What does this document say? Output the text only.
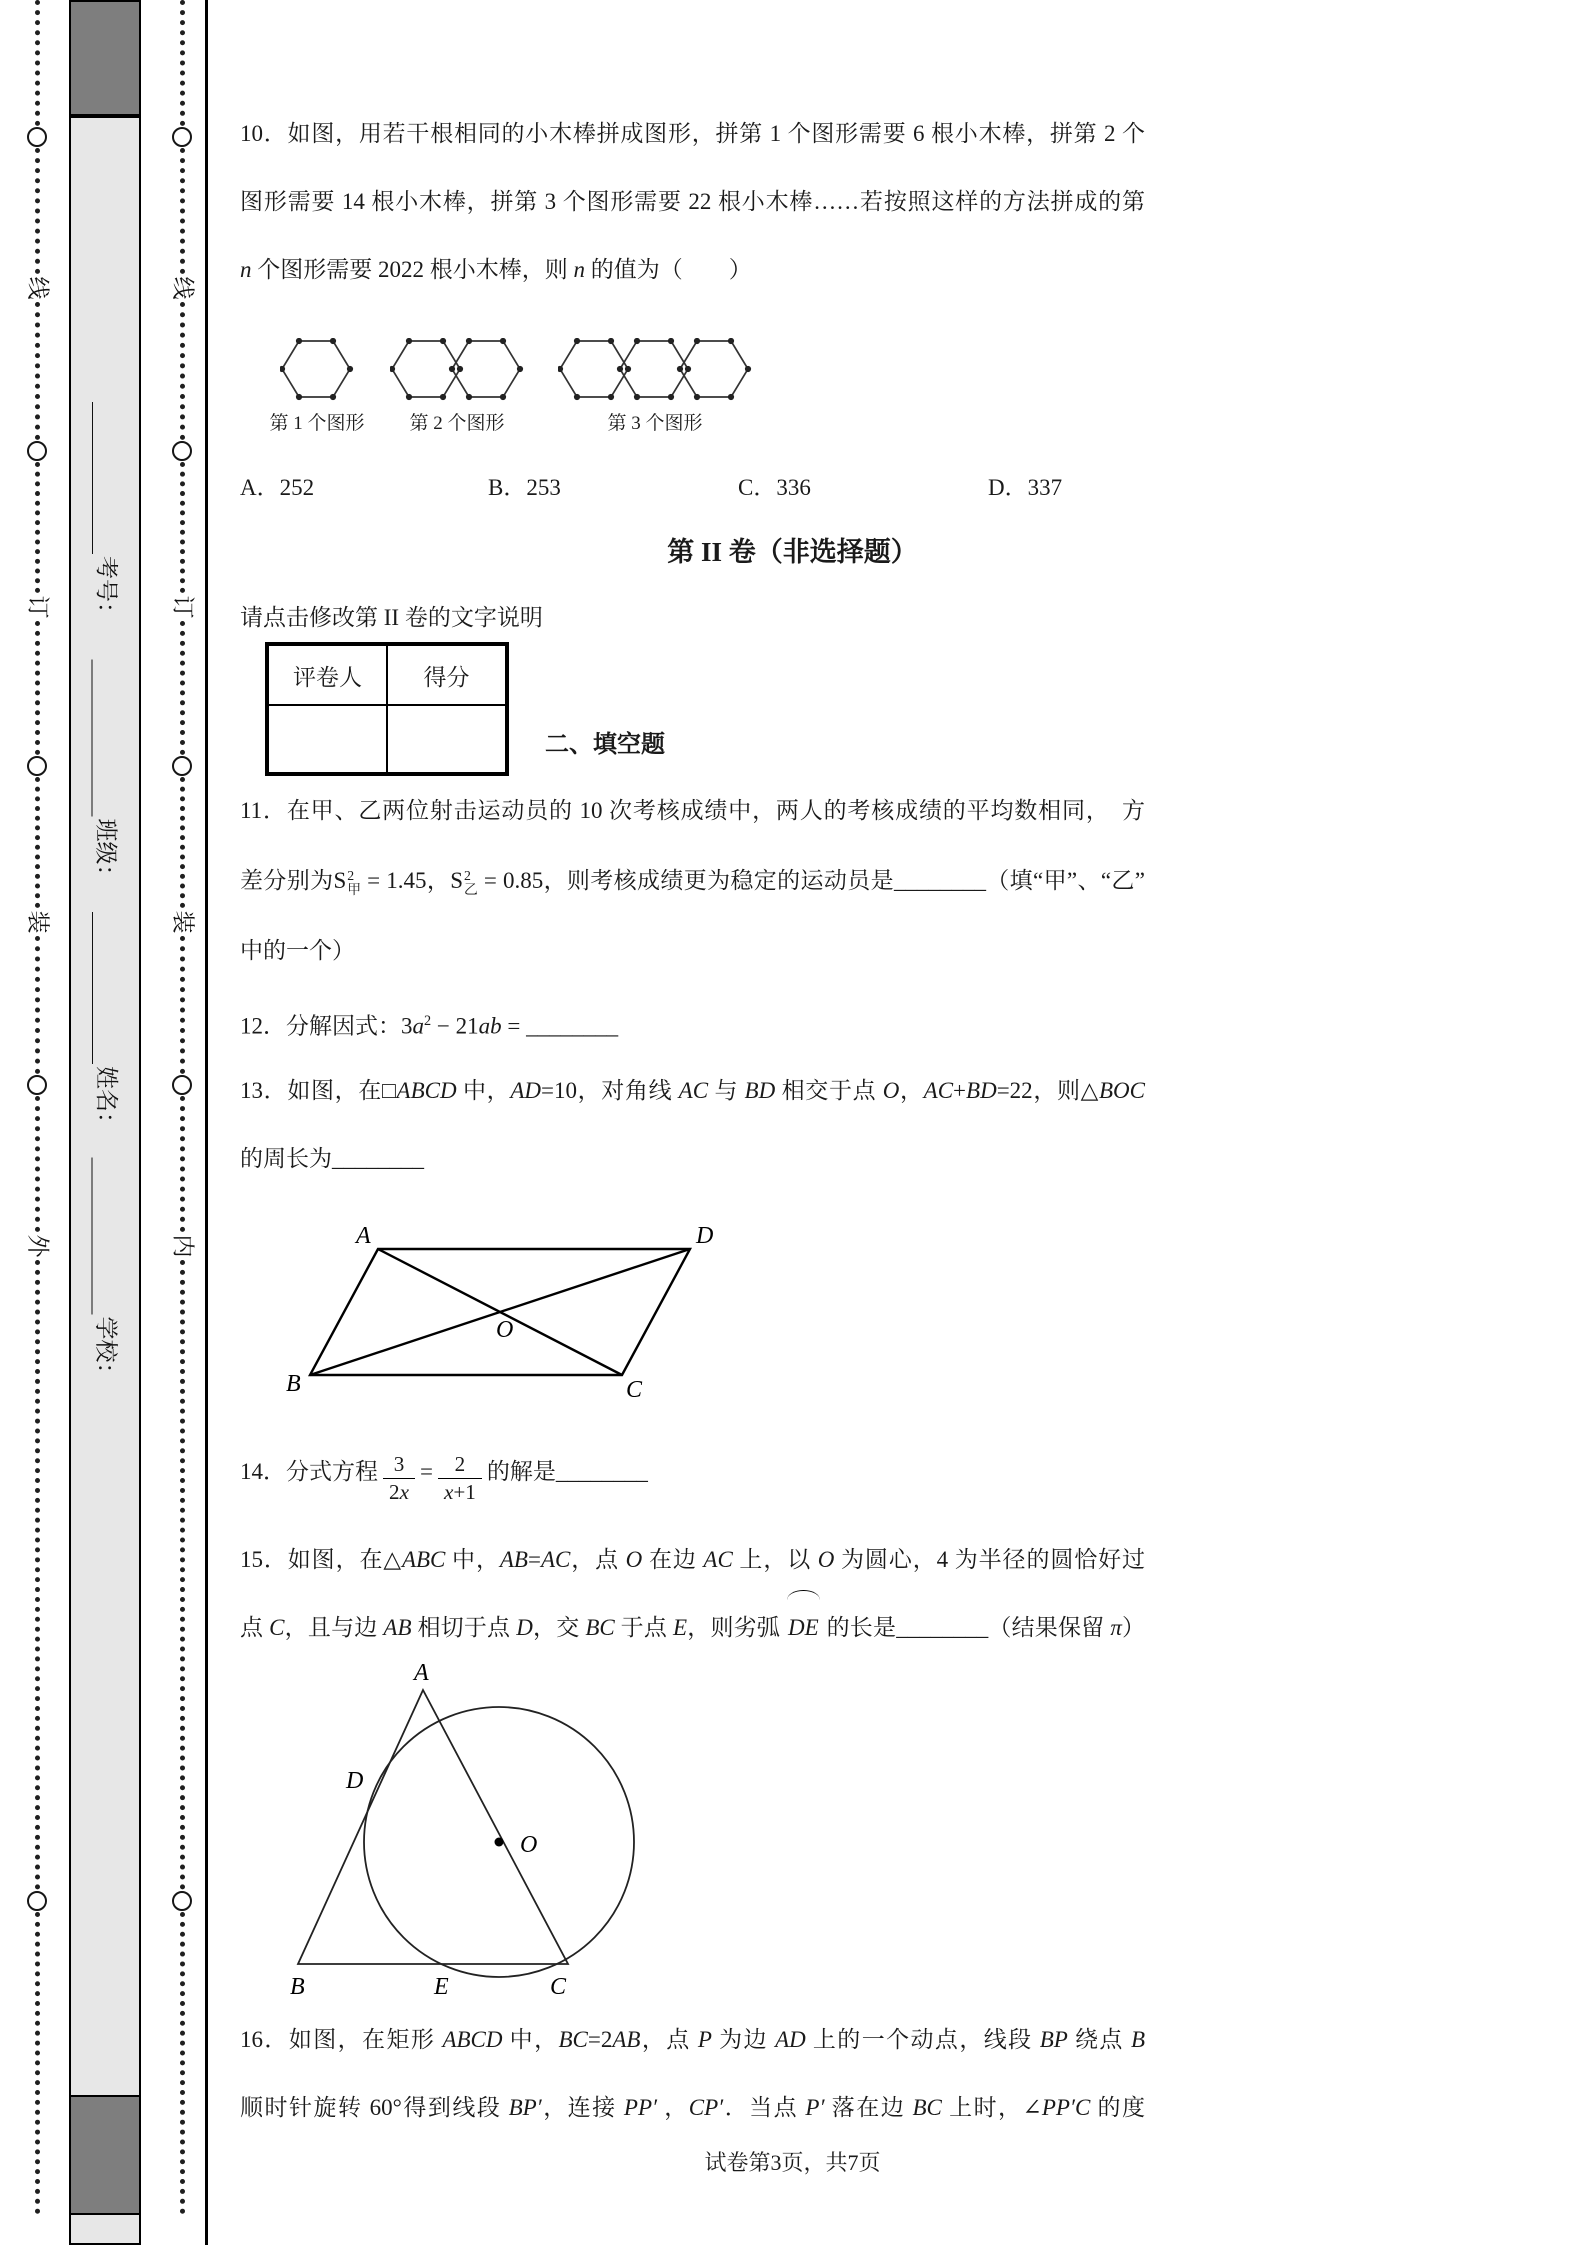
线
订
装
外
考号：
班级：
姓名：
学校：
线
订
装
内
10．如图，用若干根相同的小木棒拼成图形，拼第 1 个图形需要 6 根小木棒，拼第 2 个
图形需要 14 根小木棒，拼第 3 个图形需要 22 根小木棒……若按照这样的方法拼成的第
n 个图形需要 2022 根小木棒，则 n 的值为（　　）
第 1 个图形	第 2 个图形	第 3 个图形
A．252	B．253	C．336	D．337
第 II 卷（非选择题）
请点击修改第 II 卷的文字说明
评卷人	得分
二、填空题
11．在甲、乙两位射击运动员的 10 次考核成绩中，两人的考核成绩的平均数相同，　方
差分别为S 2
甲 = 1.45，S 2
乙 = 0.85，则考核成绩更为稳定的运动员是________（填“甲”、“乙”
中的一个）
12．分解因式：$3a^2 - 21ab$ = ________
13．如图，在□ABCD 中，AD=10，对角线 AC 与 BD 相交于点 O，AC+BD=22，则△BOC
的周长为________
A	D
B	C
O
14．分式方程 $\frac{3}{2x} = \frac{2}{x+1}$ 的解是________
15．如图，在△ABC 中，AB=AC，点 O 在边 AC 上，以 O 为圆心，4 为半径的圆恰好过
点 C，且与边 AB 相切于点 D，交 BC 于点 E，则劣弧 DE 的长是________（结果保留 π）
A
D
O
B	E	C
16．如图，在矩形 ABCD 中，BC=2AB，点 P 为边 AD 上的一个动点，线段 BP 绕点 B
顺时针旋转 60°得到线段 BP′，连接 PP′ ，CP′．当点 P′ 落在边 BC 上时，∠PP′C 的度
试卷第3页，共7页
